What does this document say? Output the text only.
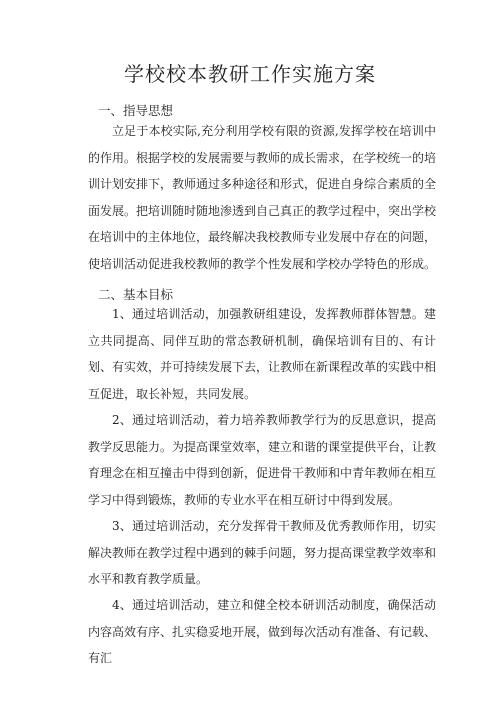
学校校本教研工作实施方案
一、指导思想
立足于本校实际,充分利用学校有限的资源,发挥学校在培训中的作用。根据学校的发展需要与教师的成长需求，在学校统一的培训计划安排下，教师通过多种途径和形式，促进自身综合素质的全面发展。把培训随时随地渗透到自己真正的教学过程中，突出学校在培训中的主体地位，最终解决我校教师专业发展中存在的问题，使培训活动促进我校教师的教学个性发展和学校办学特色的形成。
二、基本目标
1、通过培训活动，加强教研组建设，发挥教师群体智慧。建立共同提高、同伴互助的常态教研机制，确保培训有目的、有计划、有实效，并可持续发展下去，让教师在新课程改革的实践中相互促进，取长补短，共同发展。
2、通过培训活动，着力培养教师教学行为的反思意识，提高教学反思能力。为提高课堂效率，建立和谐的课堂提供平台，让教育理念在相互撞击中得到创新，促进骨干教师和中青年教师在相互学习中得到锻炼，教师的专业水平在相互研讨中得到发展。
3、通过培训活动，充分发挥骨干教师及优秀教师作用，切实解决教师在教学过程中遇到的棘手问题，努力提高课堂教学效率和水平和教育教学质量。
4、通过培训活动，建立和健全校本研训活动制度，确保活动内容高效有序、扎实稳妥地开展，做到每次活动有准备、有记载、有汇
